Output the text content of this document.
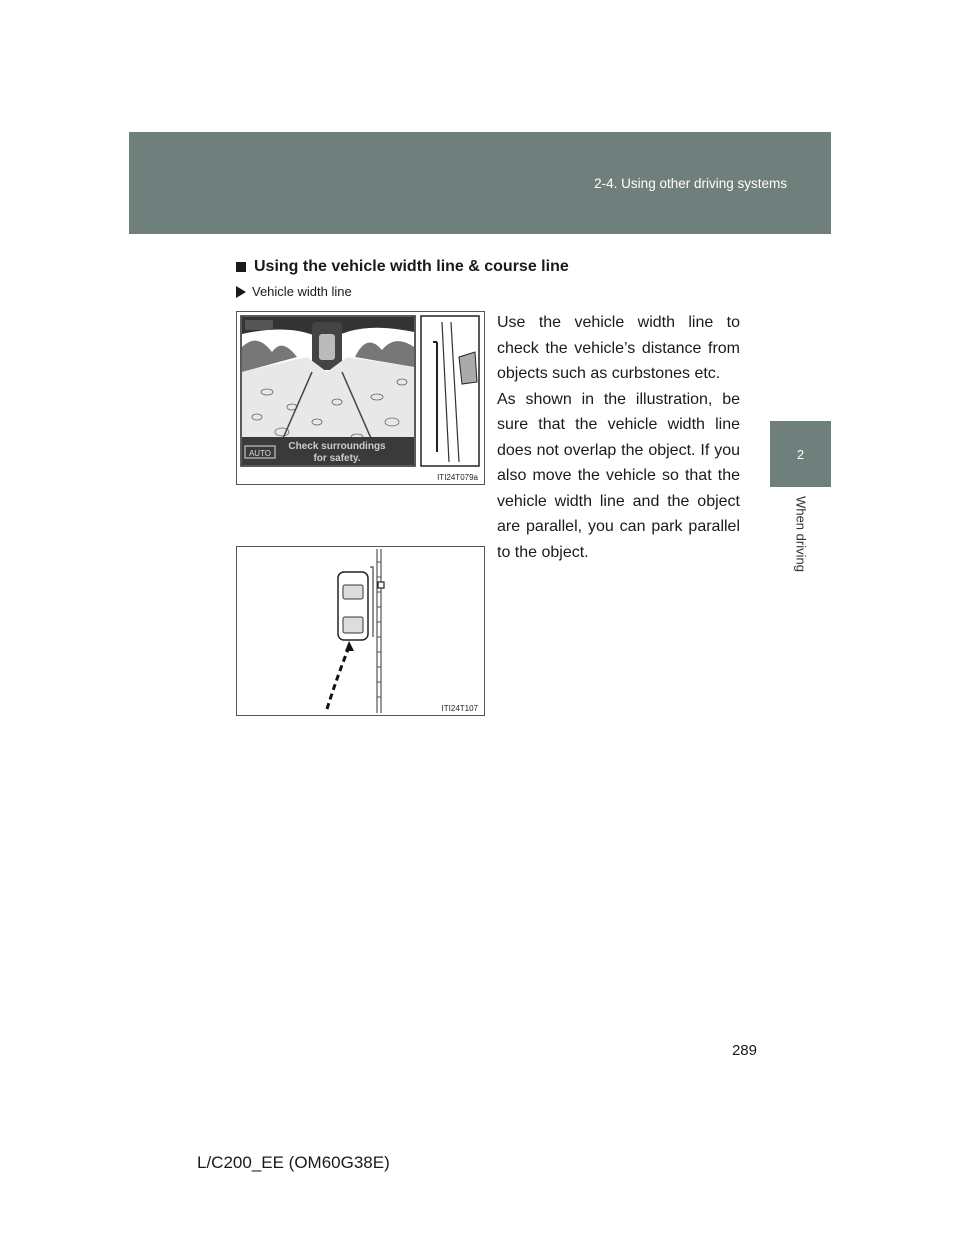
2-4. Using other driving systems
2
When driving
Using the vehicle width line & course line
Vehicle width line

Use the vehicle width line to check the vehicle’s distance from objects such as curbstones etc.

As shown in the illustration, be sure that the vehicle width line does not overlap the object. If you also move the vehicle so that the vehicle width line and the object are parallel, you can park parallel to the object.

AUTO
Check surroundings
for safety.
ITI24T079a
ITI24T107
289
L/C200_EE (OM60G38E)
